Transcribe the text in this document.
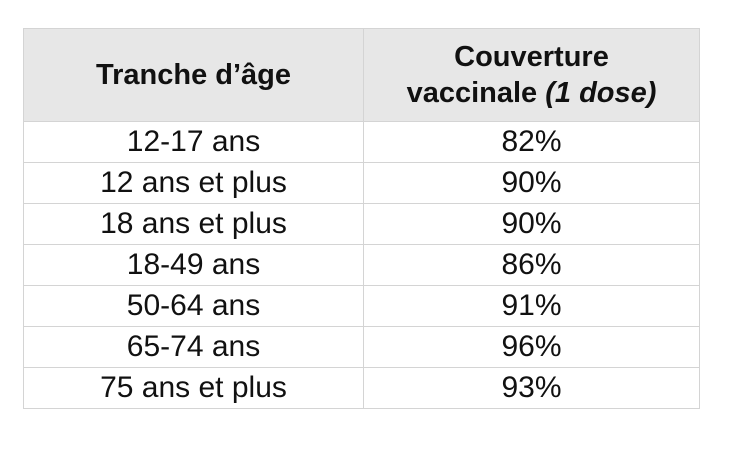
Tranche d’âge	Couverture
vaccinale (1 dose)

12-17 ans	82%
12 ans et plus	90%
18 ans et plus	90%
18-49 ans	86%
50-64 ans	91%
65-74 ans	96%
75 ans et plus	93%
